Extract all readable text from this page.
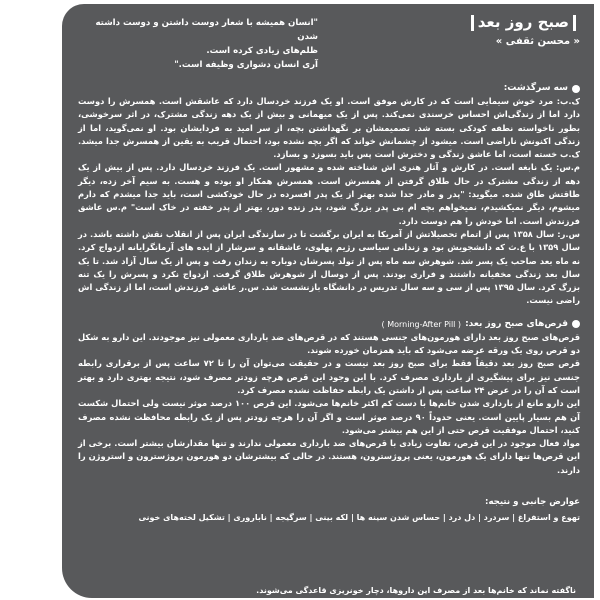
صبح روز بعد
« محسن ثقفی »

"انسان همیشه با شعار دوست داشتن و دوست داشته شدن

ظلم‌های زیادی کرده است.

آری انسان دشواری وظیفه است."

سه سرگذشت:

ک.ب: مرد خوش سیمایی است که در کارش موفق است. او یک فرزند خردسال دارد که عاشقش است. همسرش را دوست دارد اما از زندگی‌اش احساس خرسندی نمی‌کند. پس از یک میهمانی و بیش از یک دهه زندگی مشترک، در اثر سرخوشی، بطور ناخواسته نطفه کودکی بسته شد. تصمیمشان بر نگهداشتن بچه، از سر امید به فردایشان بود. او نمی‌گوید، اما از زندگی اکنونش ناراضی است. میشود از چشمانش خواند که اگر بچه نشده بود، احتمال قریب به یقین از همسرش جدا میشد. ک.ب خسته است، اما عاشق زندگی و دخترش است پس باید بسوزد و بسازد.

م.س: یک نابغه است. در کارش و آثار هنری اش شناخته شده و مشهور است. یک فرزند خردسال دارد. پس از بیش از یک دهه از زندگی مشترک در حال طلاق گرفتن از همسرش است. همسرش همکار او بوده و هست. به سیم آخر زده، دیگر طاقتش طاق شده. میگوید: "پدر و مادر جدا شده بهتر از یک پدر افسرده در حال خودکشی است، باید جدا میشدم که دارم میشوم، دیگر نمیکشیدم، نمیخواهم بچه ام بی پدر بزرگ شود، پدر زنده دور، بهتر از پدر خفته در خاک است" م.س عاشق فرزندش است. اما خودش را هم دوست دارد.

س.ر: سال ۱۳۵۸ پس از اتمام تحصیلاتش از آمریکا به ایران برگشت تا در سازندگی ایران پس از انقلاب نقش داشته باشد. در سال ۱۳۵۹ با ع.ث که دانشجویش بود و زندانی سیاسی رژیم پهلوی، عاشقانه و سرشار از ایده های آرمانگرایانه ازدواج کرد. نه ماه بعد صاحب یک پسر شد. شوهرش سه ماه پس از تولد پسرشان دوباره به زندان رفت و پس از یک سال آزاد شد. تا یک سال بعد زندگی مخفیانه داشتند و فراری بودند. پس از دوسال از شوهرش طلاق گرفت. ازدواج نکرد و پسرش را یک تنه بزرگ کرد. سال ۱۳۹۵ پس از سی و سه سال تدریس در دانشگاه بازنشست شد. س.ر عاشق فرزندش است، اما از زندگی اش راضی نیست.

قرص‌های صبح روز بعد:
( Morning-After Pill )

قرص‌های صبح روز بعد دارای هورمون‌های جنسی هستند که در قرص‌های ضد بارداری معمولی نیز موجودند. این دارو به شکل دو قرص روی یک ورقه عرضه می‌شود که باید همزمان خورده شوند.

قرص صبح روز بعد دقیقاً فقط برای صبح روز بعد نیست و در حقیقت می‌توان آن را تا ۷۲ ساعت پس از برقراری رابطه جنسی نیز برای پیشگیری از بارداری مصرف کرد. با این وجود این قرص هرچه زودتر مصرف شود، نتیجه بهتری دارد و بهتر است که آن را در عرض ۲۴ ساعت پس از داشتن یک رابطه حفاظت نشده مصرف کرد.

این دارو مانع از بارداری شدن خانم‌ها با دست کم اکثر خانم‌ها می‌شود. این قرص ۱۰۰ درصد موثر نیست ولی احتمال شکست آن هم بسیار پایین است. یعنی حدوداً ۹۰ درصد موثر است و اگر آن را هرچه زودتر پس از یک رابطه محافظت نشده مصرف کنید، احتمال موفقیت قرص حتی از این هم بیشتر می‌شود.

مواد فعال موجود در این قرص، تفاوت زیادی با قرص‌های ضد بارداری معمولی ندارند و تنها مقدارشان بیشتر است. برخی از این قرص‌ها تنها دارای یک هورمون، یعنی پروژسترون، هستند. در حالی که بیشترشان دو هورمون پروژسترون و استروژن را دارند.

عوارض جانبی و نتیجه:
تهوع و استفراغ | سردرد | دل درد | حساس شدن سینه ها | لکه بینی | سرگیجه | ناباروری | تشکیل لخته‌های خونی
ناگفته نماند که خانم‌ها بعد از مصرف این داروها، دچار خونریزی قاعدگی می‌شوند.
